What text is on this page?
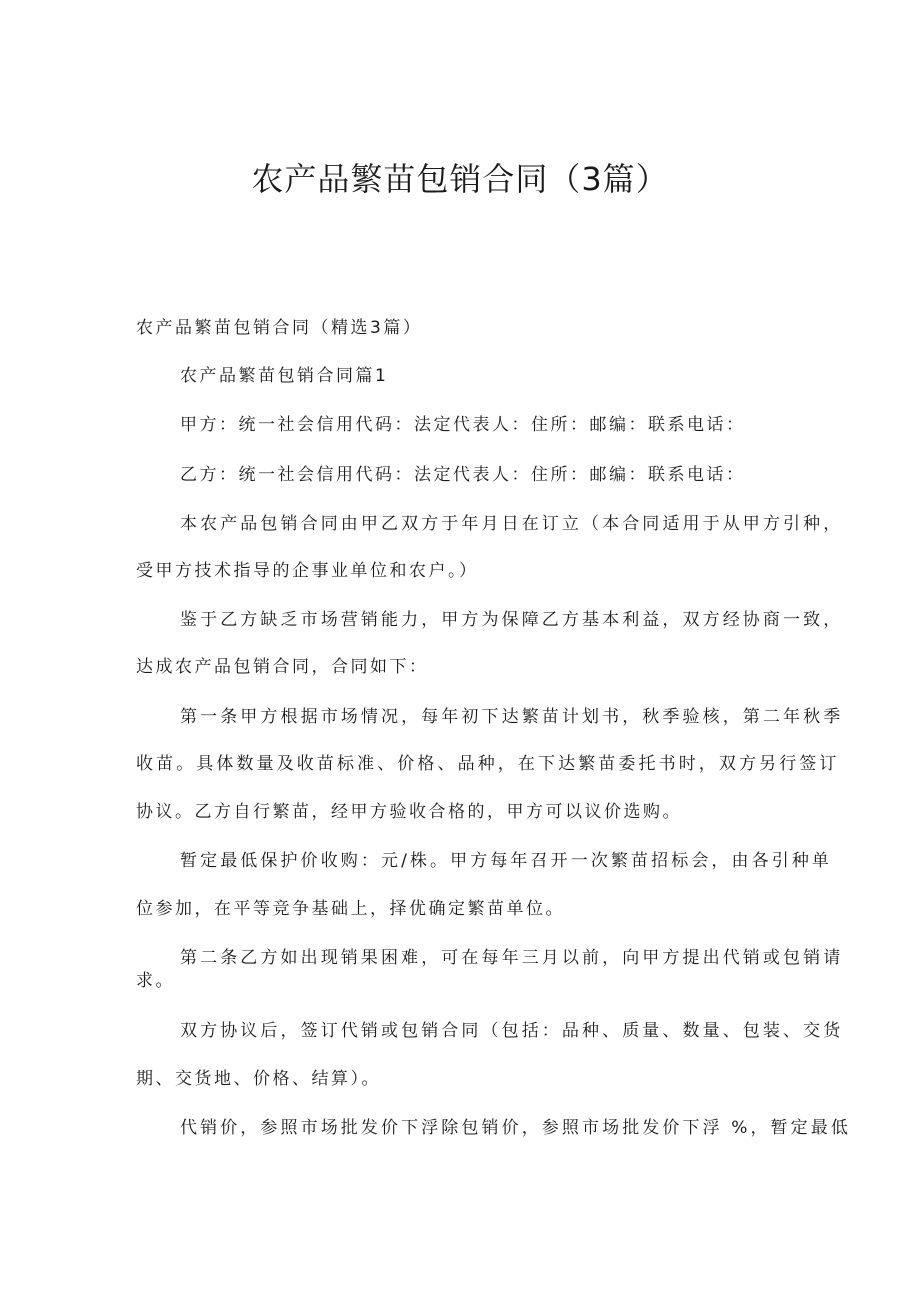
农产品繁苗包销合同（3篇）

农产品繁苗包销合同（精选3篇）

农产品繁苗包销合同篇1

甲方：统一社会信用代码：法定代表人：住所：邮编：联系电话：

乙方：统一社会信用代码：法定代表人：住所：邮编：联系电话：

本农产品包销合同由甲乙双方于年月日在订立（本合同适用于从甲方引种，

受甲方技术指导的企事业单位和农户。）

鉴于乙方缺乏市场营销能力，甲方为保障乙方基本利益，双方经协商一致，

达成农产品包销合同，合同如下：

第一条甲方根据市场情况，每年初下达繁苗计划书，秋季验核，第二年秋季

收苗。具体数量及收苗标准、价格、品种，在下达繁苗委托书时，双方另行签订

协议。乙方自行繁苗，经甲方验收合格的，甲方可以议价选购。

暂定最低保护价收购：元/株。甲方每年召开一次繁苗招标会，由各引种单

位参加，在平等竞争基础上，择优确定繁苗单位。

第二条乙方如出现销果困难，可在每年三月以前，向甲方提出代销或包销请

求。

双方协议后，签订代销或包销合同（包括：品种、质量、数量、包装、交货

期、交货地、价格、结算）。

代销价，参照市场批发价下浮除包销价，参照市场批发价下浮 %，暂定最低
